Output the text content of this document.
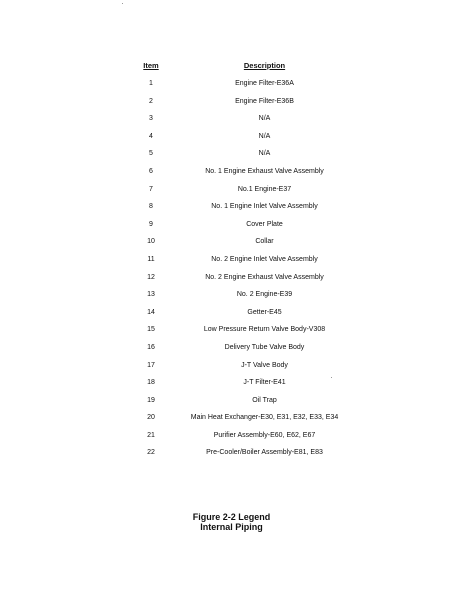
Item	Description
1	Engine Filter-E36A
2	Engine Filter-E36B
3	N/A
4	N/A
5	N/A
6	No. 1 Engine Exhaust Valve Assembly
7	No.1 Engine-E37
8	No. 1 Engine Inlet Valve Assembly
9	Cover Plate
10	Collar
11	No. 2 Engine Inlet Valve Assembly
12	No. 2 Engine Exhaust Valve Assembly
13	No. 2 Engine-E39
14	Getter-E45
15	Low Pressure Return Valve Body-V308
16	Delivery Tube Valve Body
17	J-T Valve Body
18	J-T Filter-E41
19	Oil Trap
20	Main Heat Exchanger-E30, E31, E32, E33, E34
21	Purifier Assembly-E60, E62, E67
22	Pre-Cooler/Boiler Assembly-E81, E83
Figure 2-2 Legend
Internal Piping
